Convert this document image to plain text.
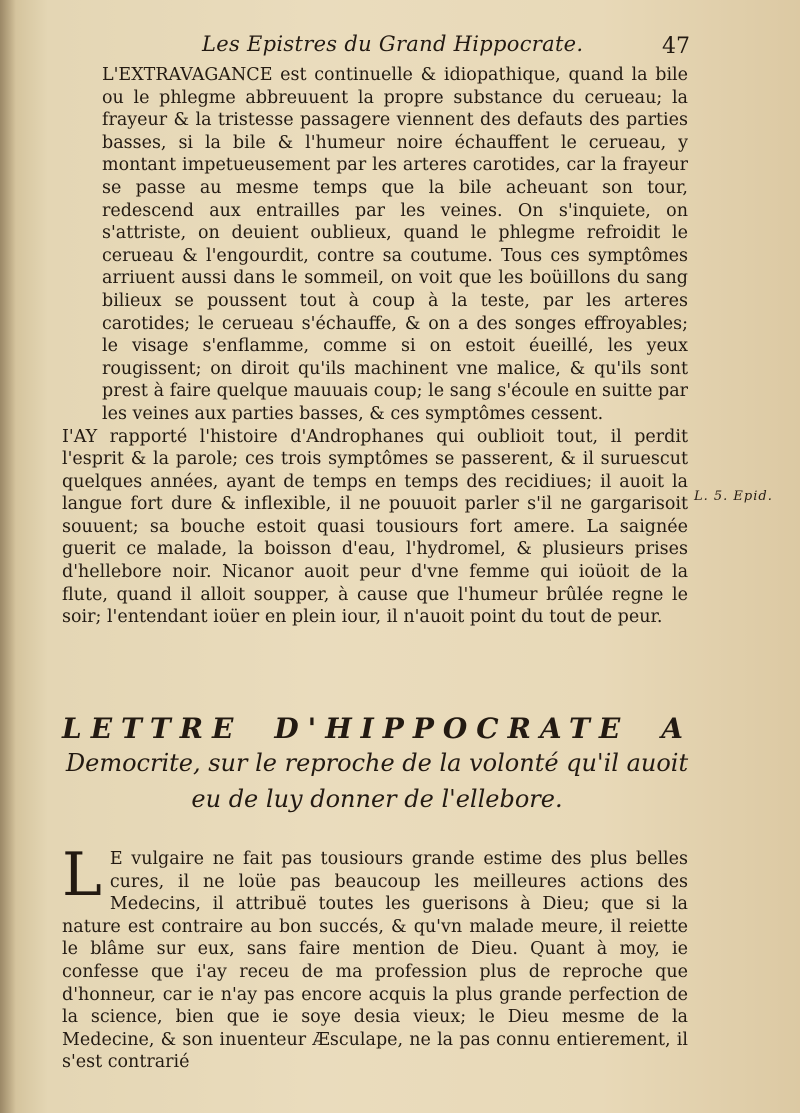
Les Epistres du Grand Hippocrate.	47

L'EXTRAVAGANCE est continuelle & idiopathique, quand la bile ou le phlegme abbreuuent la propre substance du cerueau; la frayeur & la tristesse passagere viennent des defauts des parties basses, si la bile & l'humeur noire échauffent le cerueau, y montant impetueusement par les arteres carotides, car la frayeur se passe au mesme temps que la bile acheuant son tour, redescend aux entrailles par les veines. On s'inquiete, on s'attriste, on deuient oublieux, quand le phlegme refroidit le cerueau & l'engourdit, contre sa coutume. Tous ces symptômes arriuent aussi dans le sommeil, on voit que les boüillons du sang bilieux se poussent tout à coup à la teste, par les arteres carotides; le cerueau s'échauffe, & on a des songes effroyables; le visage s'enflamme, comme si on estoit éueillé, les yeux rougissent; on diroit qu'ils machinent vne malice, & qu'ils sont prest à faire quelque mauuais coup; le sang s'écoule en suitte par les veines aux parties basses, & ces symptômes cessent.

I'AY rapporté l'histoire d'Androphanes qui oublioit tout, il perdit l'esprit & la parole; ces trois symptômes se passerent, & il suruescut quelques années, ayant de temps en temps des recidiues; il auoit la langue fort dure & inflexible, il ne pouuoit parler s'il ne gargarisoit souuent; sa bouche estoit quasi tousiours fort amere. La saignée guerit ce malade, la boisson d'eau, l'hydromel, & plusieurs prises d'hellebore noir. Nicanor auoit peur d'vne femme qui ioüoit de la flute, quand il alloit soupper, à cause que l'humeur brûlée regne le soir; l'entendant ioüer en plein iour, il n'auoit point du tout de peur.

L. 5. Epid.
LETTRE D'HIPPOCRATE A
Democrite, sur le reproche de la volonté qu'il auoit
eu de luy donner de l'ellebore.

L E vulgaire ne fait pas tousiours grande estime des plus belles cures, il ne loüe pas beaucoup les meilleures actions des Medecins, il attribuë toutes les guerisons à Dieu; que si la nature est contraire au bon succés, & qu'vn malade meure, il reiette le blâme sur eux, sans faire mention de Dieu. Quant à moy, ie confesse que i'ay receu de ma profession plus de reproche que d'honneur, car ie n'ay pas encore acquis la plus grande perfection de la science, bien que ie soye desia vieux; le Dieu mesme de la Medecine, & son inuenteur Æsculape, ne la pas connu entierement, il s'est contrarié
